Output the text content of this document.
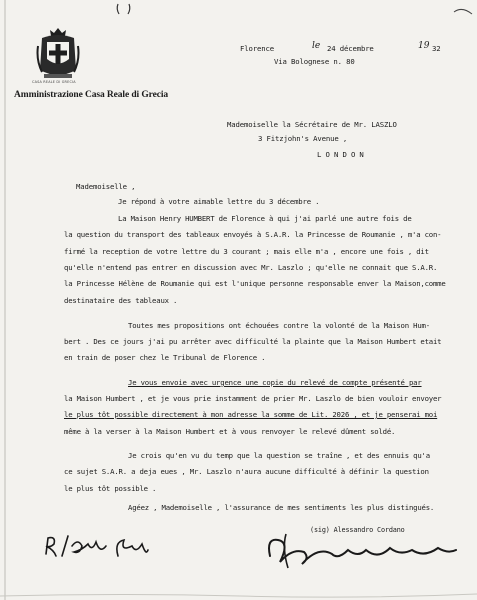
CASA REALE DI GRECIA
Amministrazione Casa Reale di Grecia
Florence	le 24 décembre	19 32
Via Bolognese n. 80
Mademoiselle la Sécrétaire de Mr. LASZLO
3 Fitzjohn's Avenue ,
L O N D O N
Mademoiselle ,
Je répond à votre aimable lettre du 3 décembre .
La Maison Henry HUMBERT de Florence à qui j'ai parlé une autre fois de
la question du transport des tableaux envoyés à S.A.R. la Princesse de Roumanie , m'a con-
firmé la reception de votre lettre du 3 courant ; mais elle m'a , encore une fois , dit
qu'elle n'entend pas entrer en discussion avec Mr. Laszlo ; qu'elle ne connait que S.A.R.
la Princesse Hélène de Roumanie qui est l'unique personne responsable enver la Maison,comme
destinataire des tableaux .
Toutes mes propositions ont échouées contre la volonté de la Maison Hum-
bert . Des ce jours j'ai pu arrêter avec difficulté la plainte que la Maison Humbert etait
en train de poser chez le Tribunal de Florence .
Je vous envoie avec urgence une copie du relevé de compte présenté par
la Maison Humbert , et je vous prie instamment de prier Mr. Laszlo de bien vouloir envoyer
le plus tôt possible directement à mon adresse la somme de Lit. 2026 , et je penserai moi
même à la verser à la Maison Humbert et à vous renvoyer le relevé dûment soldé.
Je crois qu'en vu du temp que la question se traîne , et des ennuis qu'a
ce sujet S.A.R. a deja eues , Mr. Laszlo n'aura aucune difficulté à définir la question
le plus tôt possible .
Agéez , Mademoiselle , l'assurance de mes sentiments les plus distingués.
(sig) Alessandro Cordano
